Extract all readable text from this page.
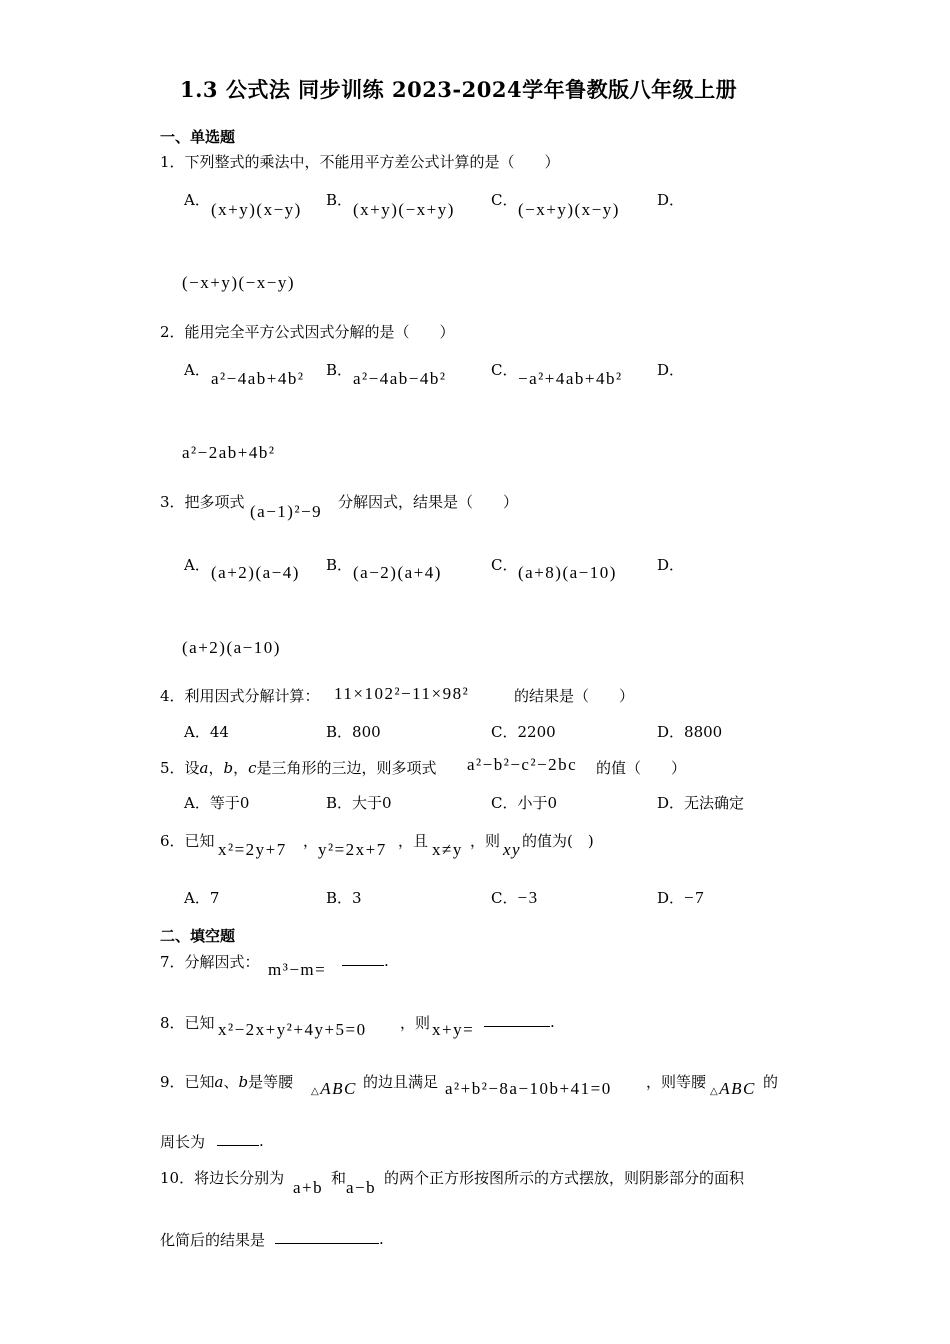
1.3 公式法 同步训练 2023-2024学年鲁教版八年级上册
一、单选题
1．下列整式的乘法中，不能用平方差公式计算的是（　　）
A． (x+y)(x−y) B． (x+y)(−x+y) C． (−x+y)(x−y) D．
(−x+y)(−x−y)
2．能用完全平方公式因式分解的是（　　）
A． a²−4ab+4b² B． a²−4ab−4b²	C． −a²+4ab+4b² D．
a²−2ab+4b²
3．把多项式 (a−1)²−9 分解因式，结果是（　　）
A． (a+2)(a−4) B． (a−2)(a+4)	C． (a+8)(a−10)	D．
(a+2)(a−10)
4．利用因式分解计算： 11×102²−11×98²	的结果是（　　）
A．44	B．800	C．2200	D．8800
5．设a，b，c是三角形的三边，则多项式 a²−b²−c²−2bc 的值（　　）
A．等于0	B．大于0	C．小于0	D．无法确定
6．已知 x²=2y+7 ， y²=2x+7 ，且 x≠y ，则 xy 的值为(　)
A．7	B．3	C．−3	D．−7
二、填空题
7．分解因式： m³−m=	.
8．已知 x²−2x+y²+4y+5=0 ，则 x+y=	.
9．已知a、b是等腰
△ABC 的边且满足 a²+b²−8a−10b+41=0 ，则等腰
△ABC 的
周长为	.
10．将边长分别为 a+b 和 a−b 的两个正方形按图所示的方式摆放，则阴影部分的面积
化简后的结果是	.
